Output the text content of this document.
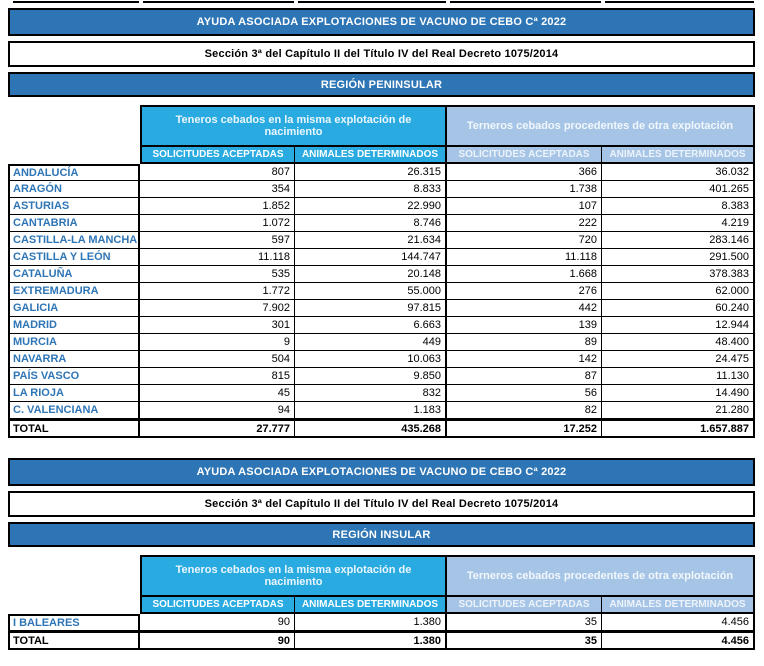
AYUDA ASOCIADA EXPLOTACIONES DE VACUNO DE CEBO Cª 2022
Sección 3ª del Capítulo II del Título IV del Real Decreto 1075/2014
REGIÓN PENINSULAR
Teneros cebados en la misma explotación de nacimiento	Terneros cebados procedentes de otra explotación
SOLICITUDES ACEPTADAS	ANIMALES DETERMINADOS	SOLICITUDES ACEPTADAS	ANIMALES DETERMINADOS
ANDALUCÍA	807	26.315	366	36.032
ARAGÓN	354	8.833	1.738	401.265
ASTURIAS	1.852	22.990	107	8.383
CANTABRIA	1.072	8.746	222	4.219
CASTILLA-LA MANCHA	597	21.634	720	283.146
CASTILLA Y LEÓN	11.118	144.747	11.118	291.500
CATALUÑA	535	20.148	1.668	378.383
EXTREMADURA	1.772	55.000	276	62.000
GALICIA	7.902	97.815	442	60.240
MADRID	301	6.663	139	12.944
MURCIA	9	449	89	48.400
NAVARRA	504	10.063	142	24.475
PAÍS VASCO	815	9.850	87	11.130
LA RIOJA	45	832	56	14.490
C. VALENCIANA	94	1.183	82	21.280
TOTAL	27.777	435.268	17.252	1.657.887
AYUDA ASOCIADA EXPLOTACIONES DE VACUNO DE CEBO Cª 2022
Sección 3ª del Capítulo II del Título IV del Real Decreto 1075/2014
REGIÓN INSULAR
Teneros cebados en la misma explotación de nacimiento	Terneros cebados procedentes de otra explotación
SOLICITUDES ACEPTADAS	ANIMALES DETERMINADOS	SOLICITUDES ACEPTADAS	ANIMALES DETERMINADOS
I BALEARES	90	1.380	35	4.456
TOTAL	90	1.380	35	4.456
